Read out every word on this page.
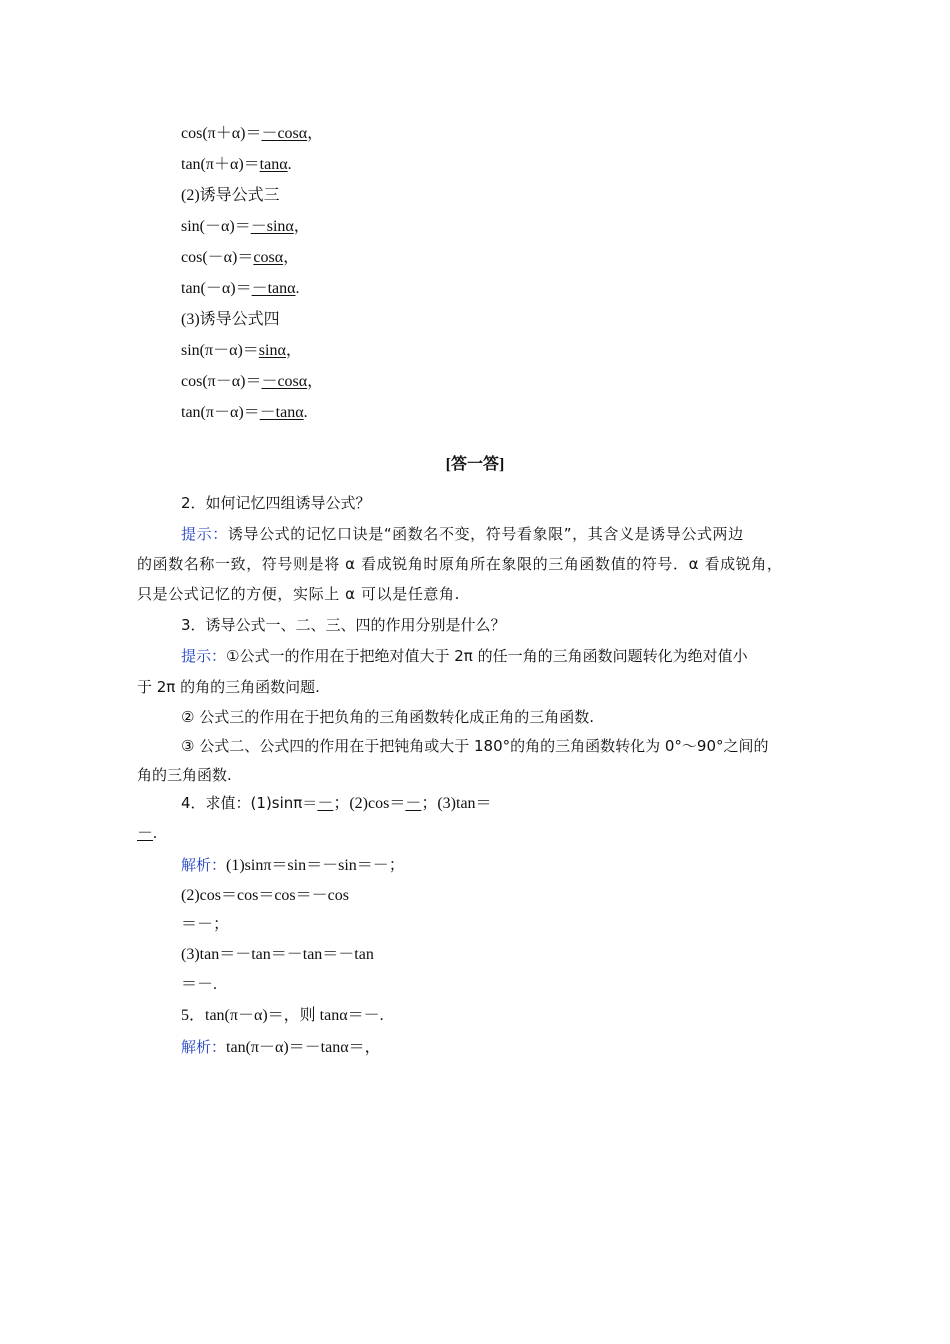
cos(π＋α)＝－cosα，
tan(π＋α)＝tanα.
(2)诱导公式三
sin(－α)＝－sinα，
cos(－α)＝cosα，
tan(－α)＝－tanα.
(3)诱导公式四
sin(π－α)＝sinα，
cos(π－α)＝－cosα，
tan(π－α)＝－tanα.
[答一答]
2．如何记忆四组诱导公式？
提示：诱导公式的记忆口诀是“函数名不变，符号看象限”，其含义是诱导公式两边
的函数名称一致，符号则是将 α 看成锐角时原角所在象限的三角函数值的符号．α 看成锐角，
只是公式记忆的方便，实际上 α 可以是任意角.
3．诱导公式一、二、三、四的作用分别是什么？
提示：①公式一的作用在于把绝对值大于 2π 的任一角的三角函数问题转化为绝对值小
于 2π 的角的三角函数问题.
② 公式三的作用在于把负角的三角函数转化成正角的三角函数.
③ 公式二、公式四的作用在于把钝角或大于 180°的角的三角函数转化为 0°～90°之间的
角的三角函数.
4．求值：(1)sinπ＝－；(2)cos＝－；(3)tan＝
－.
解析：(1)sinπ＝sin＝－sin＝－；
(2)cos＝cos＝cos＝－cos
＝－；
(3)tan＝－tan＝－tan＝－tan
＝－.
5．tan(π－α)＝，则 tanα＝－.
解析：tan(π－α)＝－tanα＝，
